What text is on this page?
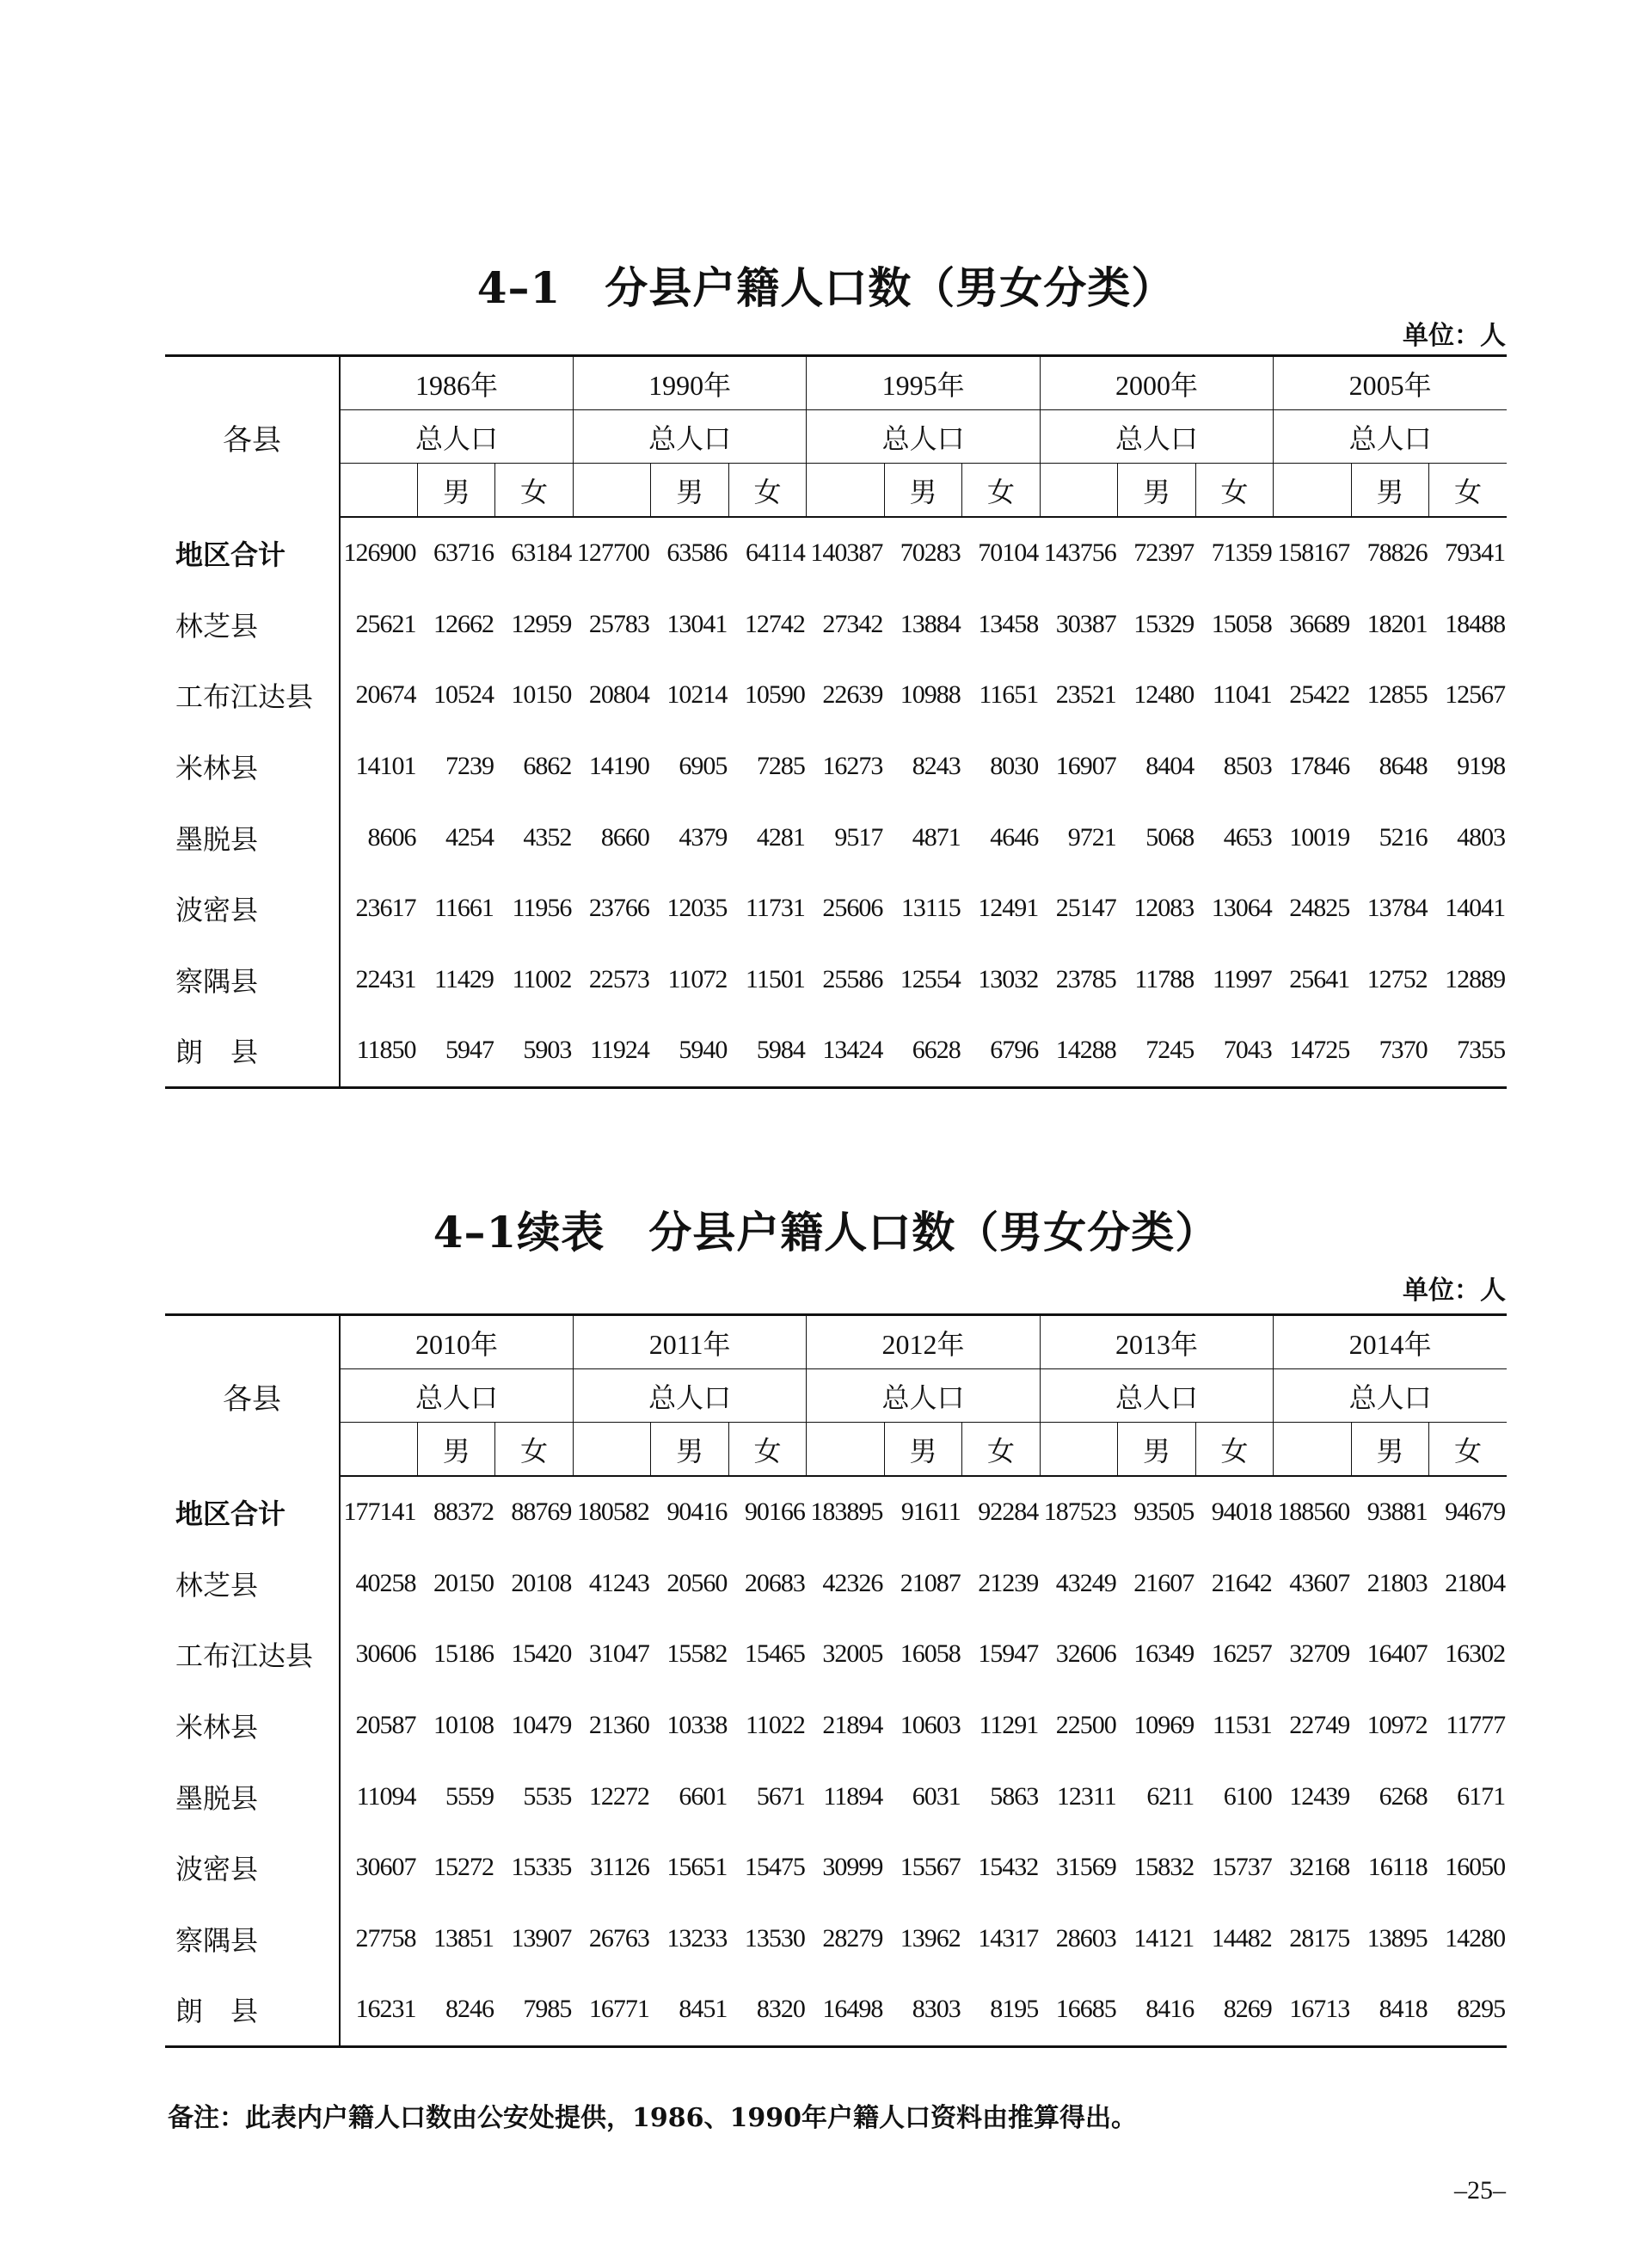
4–1　分县户籍人口数（男女分类）
单位：人
各县	1986年			1990年			1995年			2000年			2005年		
	总人口			总人口			总人口			总人口			总人口		
		男	女		男	女		男	女		男	女		男	女
地区合计	126900	63716	63184	127700	63586	64114	140387	70283	70104	143756	72397	71359	158167	78826	79341
林芝县	25621	12662	12959	25783	13041	12742	27342	13884	13458	30387	15329	15058	36689	18201	18488
工布江达县	20674	10524	10150	20804	10214	10590	22639	10988	11651	23521	12480	11041	25422	12855	12567
米林县	14101	7239	6862	14190	6905	7285	16273	8243	8030	16907	8404	8503	17846	8648	9198
墨脱县	8606	4254	4352	8660	4379	4281	9517	4871	4646	9721	5068	4653	10019	5216	4803
波密县	23617	11661	11956	23766	12035	11731	25606	13115	12491	25147	12083	13064	24825	13784	14041
察隅县	22431	11429	11002	22573	11072	11501	25586	12554	13032	23785	11788	11997	25641	12752	12889
朗　县	11850	5947	5903	11924	5940	5984	13424	6628	6796	14288	7245	7043	14725	7370	7355
4–1续表　分县户籍人口数（男女分类）
单位：人
各县	2010年			2011年			2012年			2013年			2014年		
	总人口			总人口			总人口			总人口			总人口		
		男	女		男	女		男	女		男	女		男	女
地区合计	177141	88372	88769	180582	90416	90166	183895	91611	92284	187523	93505	94018	188560	93881	94679
林芝县	40258	20150	20108	41243	20560	20683	42326	21087	21239	43249	21607	21642	43607	21803	21804
工布江达县	30606	15186	15420	31047	15582	15465	32005	16058	15947	32606	16349	16257	32709	16407	16302
米林县	20587	10108	10479	21360	10338	11022	21894	10603	11291	22500	10969	11531	22749	10972	11777
墨脱县	11094	5559	5535	12272	6601	5671	11894	6031	5863	12311	6211	6100	12439	6268	6171
波密县	30607	15272	15335	31126	15651	15475	30999	15567	15432	31569	15832	15737	32168	16118	16050
察隅县	27758	13851	13907	26763	13233	13530	28279	13962	14317	28603	14121	14482	28175	13895	14280
朗　县	16231	8246	7985	16771	8451	8320	16498	8303	8195	16685	8416	8269	16713	8418	8295
备注：此表内户籍人口数由公安处提供，1986、1990年户籍人口资料由推算得出。
–25–
